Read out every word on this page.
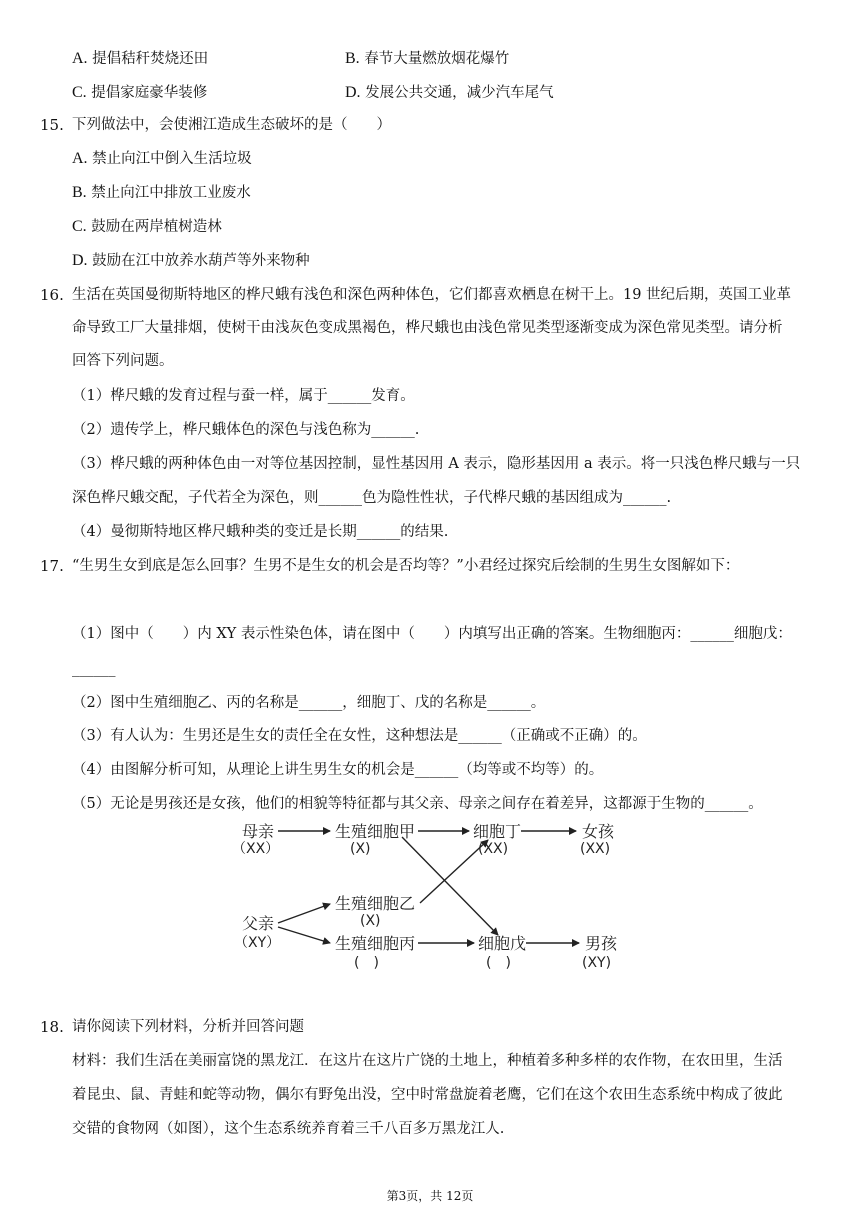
A. 提倡秸秆焚烧还田	B. 春节大量燃放烟花爆竹
C. 提倡家庭豪华装修	D. 发展公共交通，减少汽车尾气
15. 下列做法中，会使湘江造成生态破坏的是（　　）
A. 禁止向江中倒入生活垃圾
B. 禁止向江中排放工业废水
C. 鼓励在两岸植树造林
D. 鼓励在江中放养水葫芦等外来物种
16. 生活在英国曼彻斯特地区的桦尺蛾有浅色和深色两种体色，它们都喜欢栖息在树干上。19 世纪后期，英国工业革
命导致工厂大量排烟，使树干由浅灰色变成黑褐色，桦尺蛾也由浅色常见类型逐渐变成为深色常见类型。请分析
回答下列问题。
（1）桦尺蛾的发育过程与蚕一样，属于______发育。
（2）遗传学上，桦尺蛾体色的深色与浅色称为______.
（3）桦尺蛾的两种体色由一对等位基因控制，显性基因用 A 表示，隐形基因用 a 表示。将一只浅色桦尺蛾与一只
深色桦尺蛾交配，子代若全为深色，则______色为隐性性状，子代桦尺蛾的基因组成为______.
（4）曼彻斯特地区桦尺蛾种类的变迁是长期______的结果.
17. “生男生女到底是怎么回事？生男不是生女的机会是否均等？”小君经过探究后绘制的生男生女图解如下：
（1）图中（　　）内 XY 表示性染色体，请在图中（　　）内填写出正确的答案。生物细胞丙：______细胞戊：
______
（2）图中生殖细胞乙、丙的名称是______，细胞丁、戊的名称是______。
（3）有人认为：生男还是生女的责任全在女性，这种想法是______（正确或不正确）的。
（4）由图解分析可知，从理论上讲生男生女的机会是______（均等或不均等）的。
（5）无论是男孩还是女孩，他们的相貌等特征都与其父亲、母亲之间存在着差异，这都源于生物的______。
母亲
（XX）
生殖细胞甲
(X)
细胞丁
(XX)
女孩
(XX)
生殖细胞乙
(X)
父亲
（XY）	生殖细胞丙
(　)
细胞戊
(　)
男孩
(XY)
18. 请你阅读下列材料，分析并回答问题
材料：我们生活在美丽富饶的黑龙江．在这片在这片广饶的土地上，种植着多种多样的农作物，在农田里，生活
着昆虫、鼠、青蛙和蛇等动物，偶尔有野兔出没，空中时常盘旋着老鹰，它们在这个农田生态系统中构成了彼此
交错的食物网（如图），这个生态系统养育着三千八百多万黑龙江人.
第3页，共 12页
